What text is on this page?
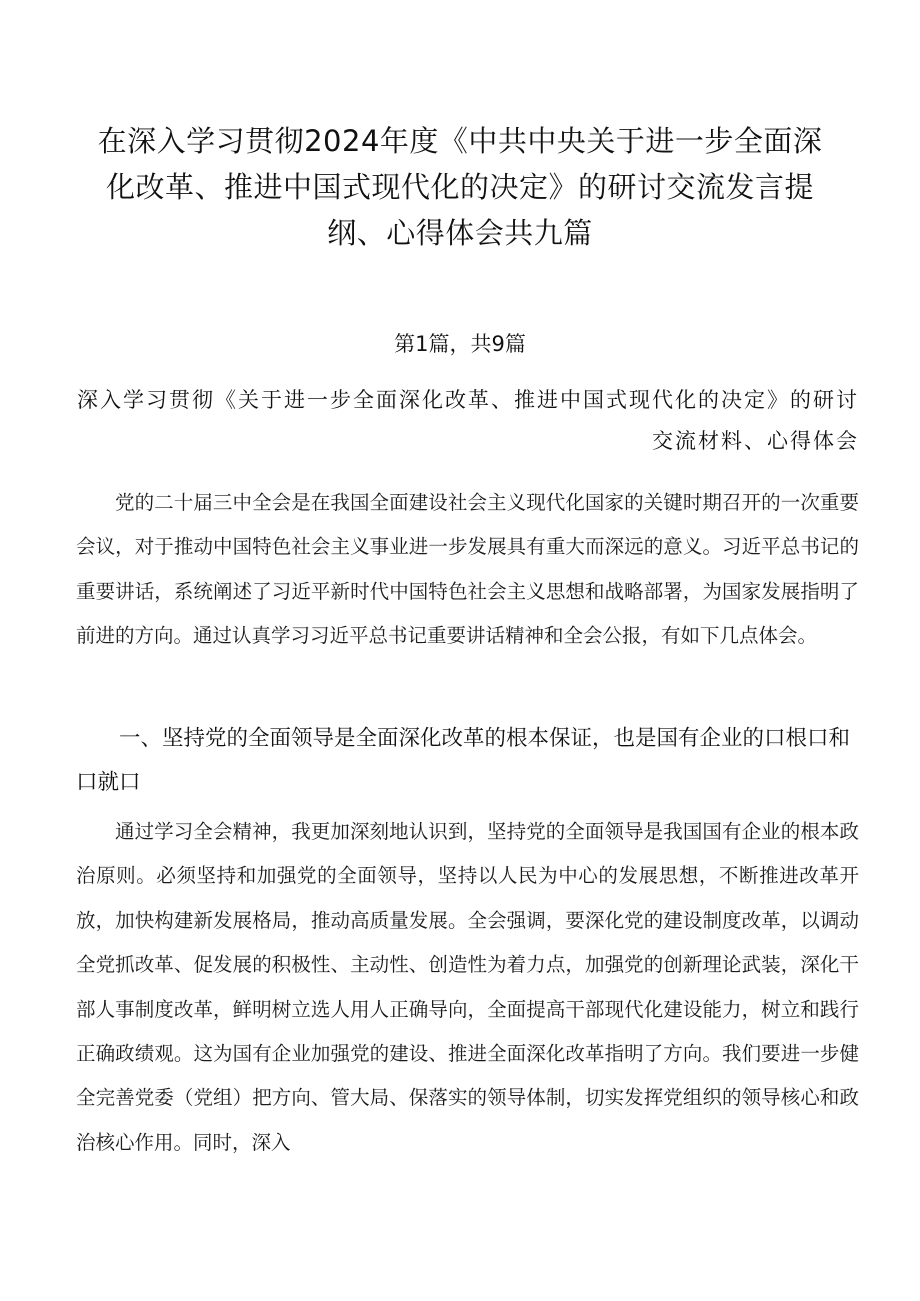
在深入学习贯彻2024年度《中共中央关于进一步全面深化改革、推进中国式现代化的决定》的研讨交流发言提纲、心得体会共九篇
第1篇，共9篇
深入学习贯彻《关于进一步全面深化改革、推进中国式现代化的决定》的研讨交流材料、心得体会

党的二十届三中全会是在我国全面建设社会主义现代化国家的关键时期召开的一次重要会议，对于推动中国特色社会主义事业进一步发展具有重大而深远的意义。习近平总书记的重要讲话，系统阐述了习近平新时代中国特色社会主义思想和战略部署，为国家发展指明了前进的方向。通过认真学习习近平总书记重要讲话精神和全会公报，有如下几点体会。

一、坚持党的全面领导是全面深化改革的根本保证，也是国有企业的口根口和口就口

通过学习全会精神，我更加深刻地认识到，坚持党的全面领导是我国国有企业的根本政治原则。必须坚持和加强党的全面领导，坚持以人民为中心的发展思想，不断推进改革开放，加快构建新发展格局，推动高质量发展。全会强调，要深化党的建设制度改革，以调动全党抓改革、促发展的积极性、主动性、创造性为着力点，加强党的创新理论武装，深化干部人事制度改革，鲜明树立选人用人正确导向，全面提高干部现代化建设能力，树立和践行正确政绩观。这为国有企业加强党的建设、推进全面深化改革指明了方向。我们要进一步健全完善党委（党组）把方向、管大局、保落实的领导体制，切实发挥党组织的领导核心和政治核心作用。同时，深入
